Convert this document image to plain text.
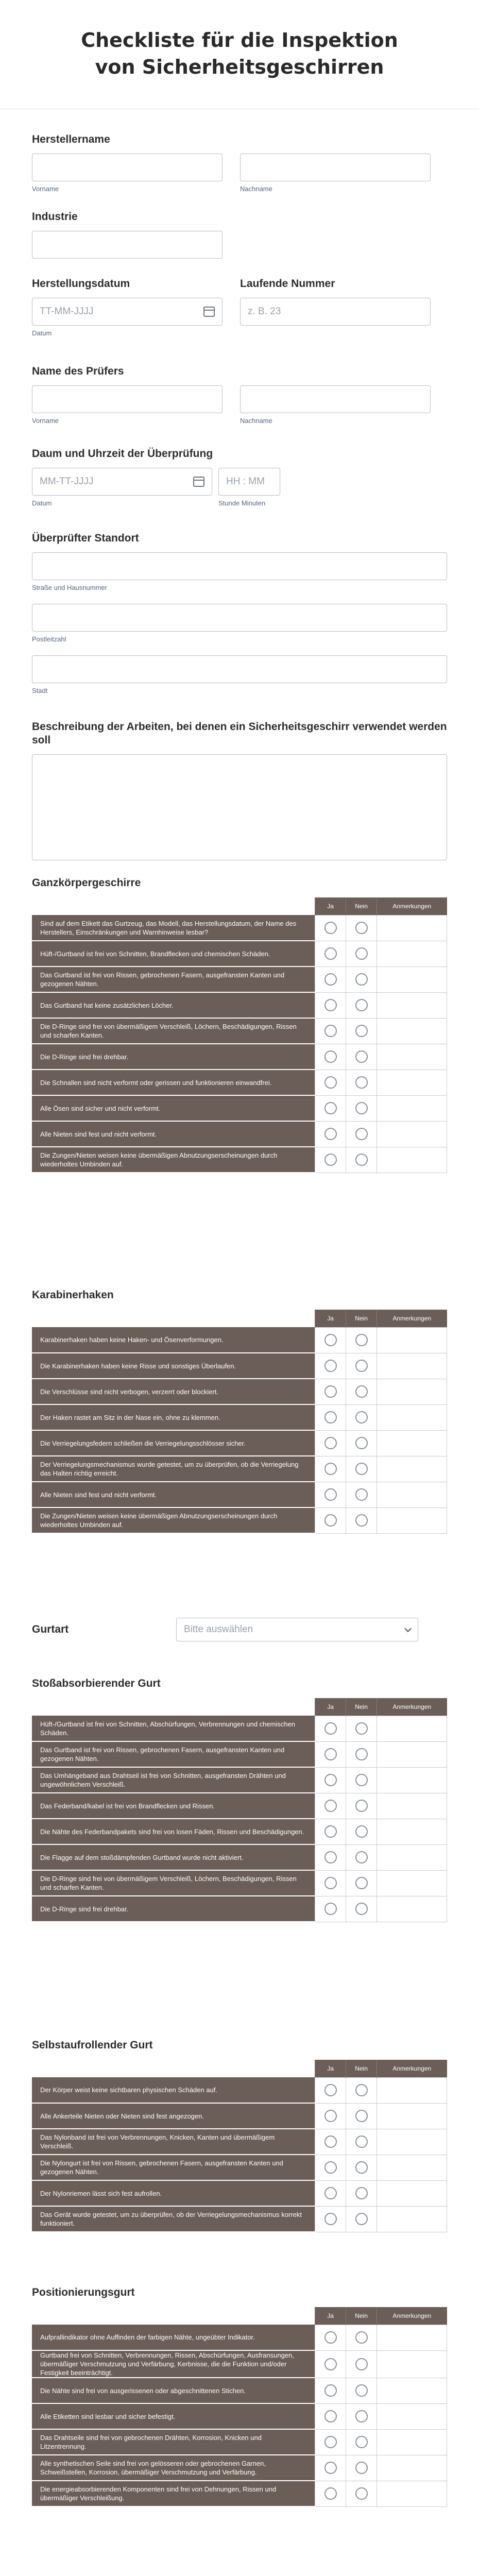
Checkliste für die Inspektion von Sicherheitsgeschirren
Herstellername
Vorname	Nachname
Industrie
Herstellungsdatum
TT-MM-JJJJ
Datum
Laufende Nummer
z. B. 23
Name des Prüfers
Vorname	Nachname
Daum und Uhrzeit der Überprüfung
MM-TT-JJJJ
Datum
HH : MM
Stunde Minuten
Überprüfter Standort
Straße und Hausnummer
Postleitzahl
Stadt
Beschreibung der Arbeiten, bei denen ein Sicherheitsgeschirr verwendet werden soll
Ganzkörpergeschirre
	Ja	Nein	Anmerkungen
Sind auf dem Etikett das Gurtzeug, das Modell, das Herstellungsdatum, der Name des Herstellers, Einschränkungen und Warnhinweise lesbar?			
Hüft-/Gurtband ist frei von Schnitten, Brandflecken und chemischen Schäden.			
Das Gurtband ist frei von Rissen, gebrochenen Fasern, ausgefransten Kanten und gezogenen Nähten.			
Das Gurtband hat keine zusätzlichen Löcher.			
Die D-Ringe sind frei von übermäßigem Verschleiß, Löchern, Beschädigungen, Rissen und scharfen Kanten.			
Die D-Ringe sind frei drehbar.			
Die Schnallen sind nicht verformt oder gerissen und funktionieren einwandfrei.			
Alle Ösen sind sicher und nicht verformt.			
Alle Nieten sind fest und nicht verformt.			
Die Zungen/Nieten weisen keine übermäßigen Abnutzungserscheinungen durch wiederholtes Umbinden auf.			
Karabinerhaken
	Ja	Nein	Anmerkungen
Karabinerhaken haben keine Haken- und Ösenverformungen.			
Die Karabinerhaken haben keine Risse und sonstiges Überlaufen.			
Die Verschlüsse sind nicht verbogen, verzerrt oder blockiert.			
Der Haken rastet am Sitz in der Nase ein, ohne zu klemmen.			
Die Verriegelungsfedern schließen die Verriegelungsschlösser sicher.			
Der Verriegelungsmechanismus wurde getestet, um zu überprüfen, ob die Verriegelung das Halten richtig erreicht.			
Alle Nieten sind fest und nicht verformt.			
Die Zungen/Nieten weisen keine übermäßigen Abnutzungserscheinungen durch wiederholtes Umbinden auf.			
Gurtart	Bitte auswählen
Stoßabsorbierender Gurt
	Ja	Nein	Anmerkungen
Hüft-/Gurtband ist frei von Schnitten, Abschürfungen, Verbrennungen und chemischen Schäden.			
Das Gurtband ist frei von Rissen, gebrochenen Fasern, ausgefransten Kanten und gezogenen Nähten.			
Das Umhängeband aus Drahtseil ist frei von Schnitten, ausgefransten Drähten und ungewöhnlichem Verschleiß.			
Das Federband/kabel ist frei von Brandflecken und Rissen.			
Die Nähte des Federbandpakets sind frei von losen Fäden, Rissen und Beschädigungen.			
Die Flagge auf dem stoßdämpfenden Gurtband wurde nicht aktiviert.			
Die D-Ringe sind frei von übermäßigem Verschleiß, Löchern, Beschädigungen, Rissen und scharfen Kanten.			
Die D-Ringe sind frei drehbar.			
Selbstaufrollender Gurt
	Ja	Nein	Anmerkungen
Der Körper weist keine sichtbaren physischen Schäden auf.			
Alle Ankerteile Nieten oder Nieten sind fest angezogen.			
Das Nylonband ist frei von Verbrennungen, Knicken, Kanten und übermäßigem Verschleiß.			
Die Nylongurt ist frei von Rissen, gebrochenen Fasern, ausgefransten Kanten und gezogenen Nähten.			
Der Nylonriemen lässt sich fest aufrollen.			
Das Gerät wurde getestet, um zu überprüfen, ob der Verriegelungsmechanismus korrekt funktioniert.			
Positionierungsgurt
	Ja	Nein	Anmerkungen
Aufprallindikator ohne Auffinden der farbigen Nähte, ungeübter Indikator.			
Gurtband frei von Schnitten, Verbrennungen, Rissen, Abschürfungen, Ausfransungen, übermäßiger Verschmutzung und Verfärbung, Kerbnisse, die die Funktion und/oder Festigkeit beeinträchtigt.			
Die Nähte sind frei von ausgerissenen oder abgeschnittenen Stichen.			
Alle Etiketten sind lesbar und sicher befestigt.			
Das Drahtseile sind frei von gebrochenen Drähten, Korrosion, Knicken und Litzentrennung.			
Alle synthetischen Seile sind frei von gelösseren oder gebrochenen Garnen, Schweißstellen, Korrosion, übermäßiger Verschmutzung und Verfärbung.			
Die energieabsorbierenden Komponenten sind frei von Dehnungen, Rissen und übermäßiger Verschleißung.			
